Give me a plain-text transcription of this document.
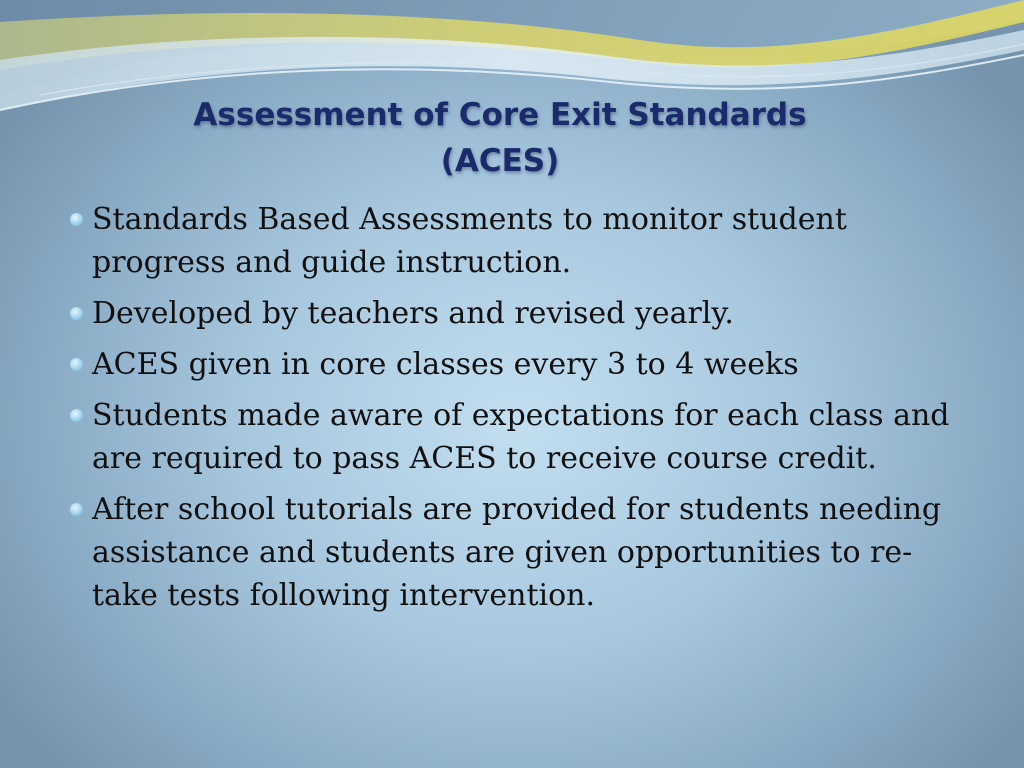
Assessment of Core Exit Standards
(ACES)
Standards Based Assessments to monitor student progress and guide instruction.
Developed by teachers and revised yearly.
ACES given in core classes every 3 to 4 weeks
Students made aware of expectations for each class and are required to pass ACES to receive course credit.
After school tutorials are provided for students needing assistance and students are given opportunities to re-take tests following intervention.
